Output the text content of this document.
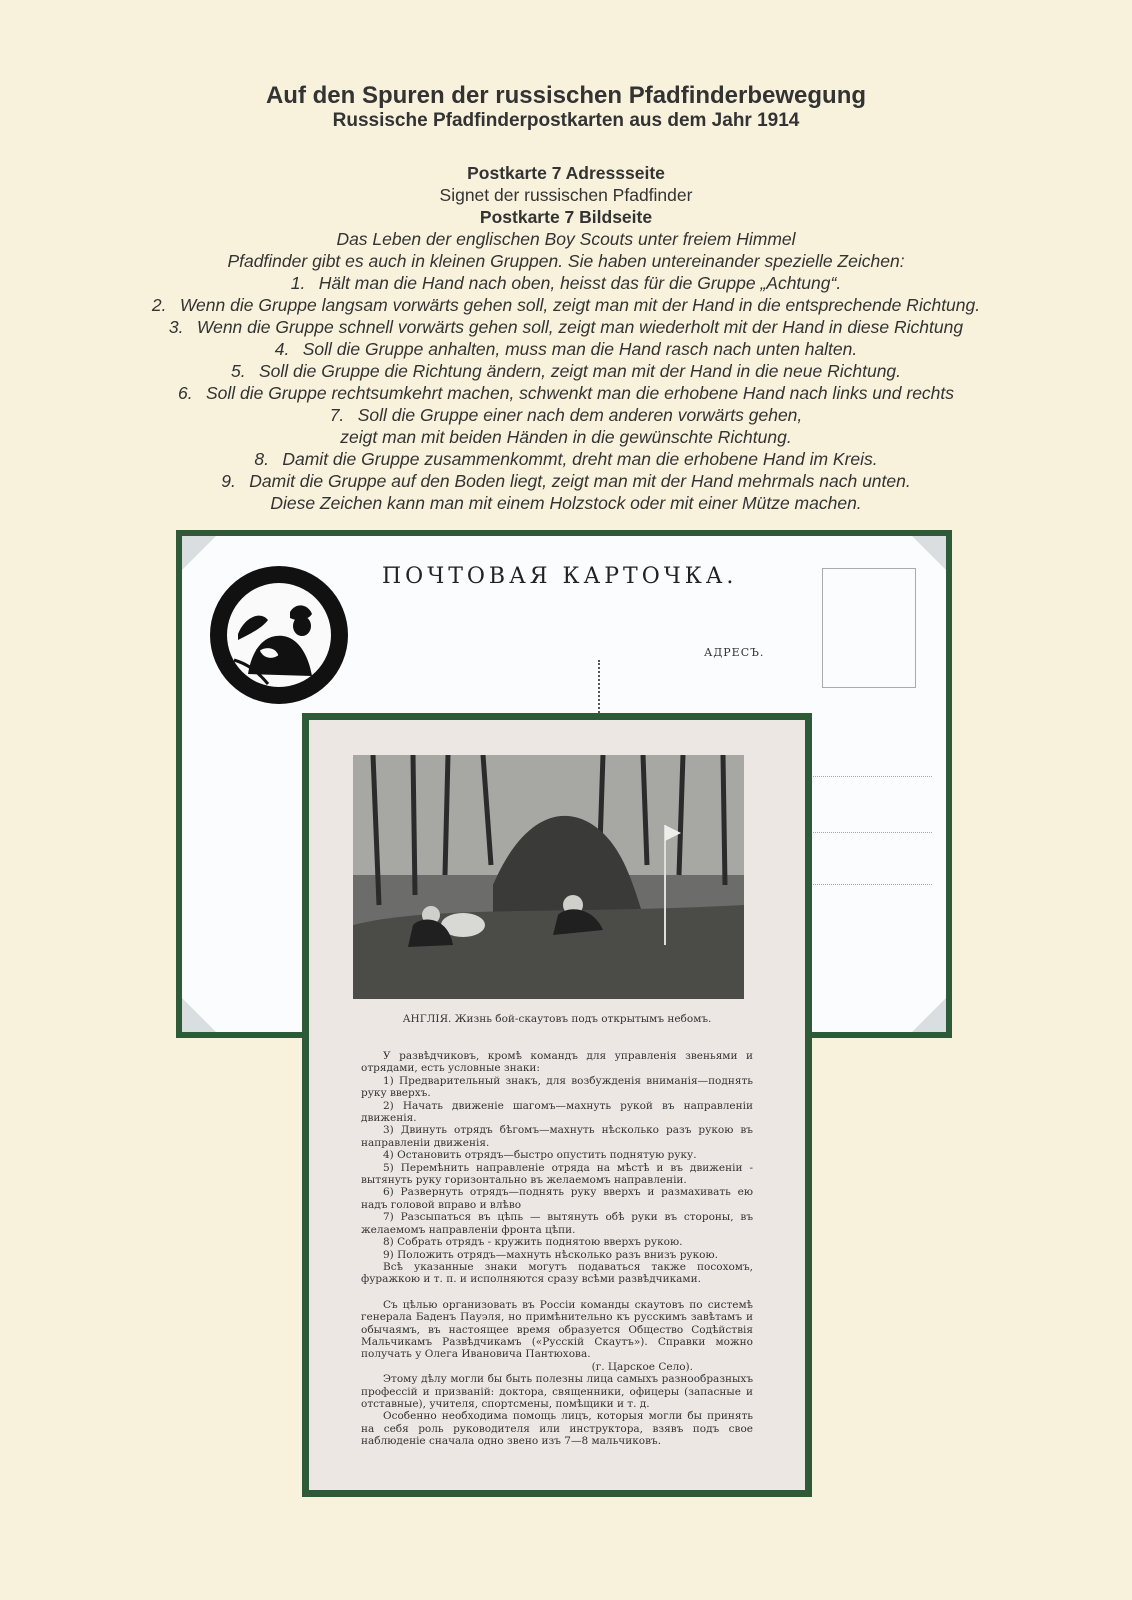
Auf den Spuren der russischen Pfadfinderbewegung
Russische Pfadfinderpostkarten aus dem Jahr 1914
Postkarte 7 Adressseite
Signet der russischen Pfadfinder
Postkarte 7 Bildseite
Das Leben der englischen Boy Scouts unter freiem Himmel
Pfadfinder gibt es auch in kleinen Gruppen. Sie haben untereinander spezielle Zeichen:
1. Hält man die Hand nach oben, heisst das für die Gruppe „Achtung“.
2. Wenn die Gruppe langsam vorwärts gehen soll, zeigt man mit der Hand in die entsprechende Richtung.
3. Wenn die Gruppe schnell vorwärts gehen soll, zeigt man wiederholt mit der Hand in diese Richtung
4. Soll die Gruppe anhalten, muss man die Hand rasch nach unten halten.
5. Soll die Gruppe die Richtung ändern, zeigt man mit der Hand in die neue Richtung.
6. Soll die Gruppe rechtsumkehrt machen, schwenkt man die erhobene Hand nach links und rechts
7. Soll die Gruppe einer nach dem anderen vorwärts gehen,
zeigt man mit beiden Händen in die gewünschte Richtung.
8. Damit die Gruppe zusammenkommt, dreht man die erhobene Hand im Kreis.
9. Damit die Gruppe auf den Boden liegt, zeigt man mit der Hand mehrmals nach unten.
Diese Zeichen kann man mit einem Holzstock oder mit einer Mütze machen.
ПОЧТОВАЯ КАРТОЧКА.
АДРЕСЪ.
АНГЛІЯ. Жизнь бой-скаутовъ подъ открытымъ небомъ.

У развѣдчиковъ, кромѣ командъ для управленія звеньями и отрядами, есть условные знаки:

1) Предварительный знакъ, для возбужденія вниманія—поднять руку вверхъ.

2) Начать движеніе шагомъ—махнуть рукой въ направленіи движенія.

3) Двинуть отрядъ бѣгомъ—махнуть нѣсколько разъ рукою въ направленіи движенія.

4) Остановить отрядъ—быстро опустить поднятую руку.

5) Перемѣнить направленіе отряда на мѣстѣ и въ движеніи - вытянуть руку горизонтально въ желаемомъ направленіи.

6) Развернуть отрядъ—поднять руку вверхъ и размахивать ею надъ головой вправо и влѣво

7) Разсыпаться въ цѣпь — вытянуть обѣ руки въ стороны, въ желаемомъ направленіи фронта цѣпи.

8) Собрать отрядъ - кружить поднятою вверхъ рукою.

9) Положить отрядъ—махнуть нѣсколько разъ внизъ рукою.

Всѣ указанные знаки могутъ подаваться также посохомъ, фуражкою и т. п. и исполняются сразу всѣми развѣдчиками.

Съ цѣлью организовать въ Россіи команды скаутовъ по системѣ генерала Баденъ Пауэля, но примѣнительно къ русскимъ завѣтамъ и обычаямъ, въ настоящее время образуется Общество Содѣйствія Мальчикамъ Развѣдчикамъ («Русскій Скаутъ»). Справки можно получать у Олега Ивановича Пантюхова.

(г. Царское Село).

Этому дѣлу могли бы быть полезны лица самыхъ разнообразныхъ профессій и призваній: доктора, священники, офицеры (запасные и отставные), учителя, спортсмены, помѣщики и т. д.

Особенно необходима помощь лицъ, которыя могли бы принять на себя роль руководителя или инструктора, взявъ подъ свое наблюденіе сначала одно звено изъ 7—8 мальчиковъ.
